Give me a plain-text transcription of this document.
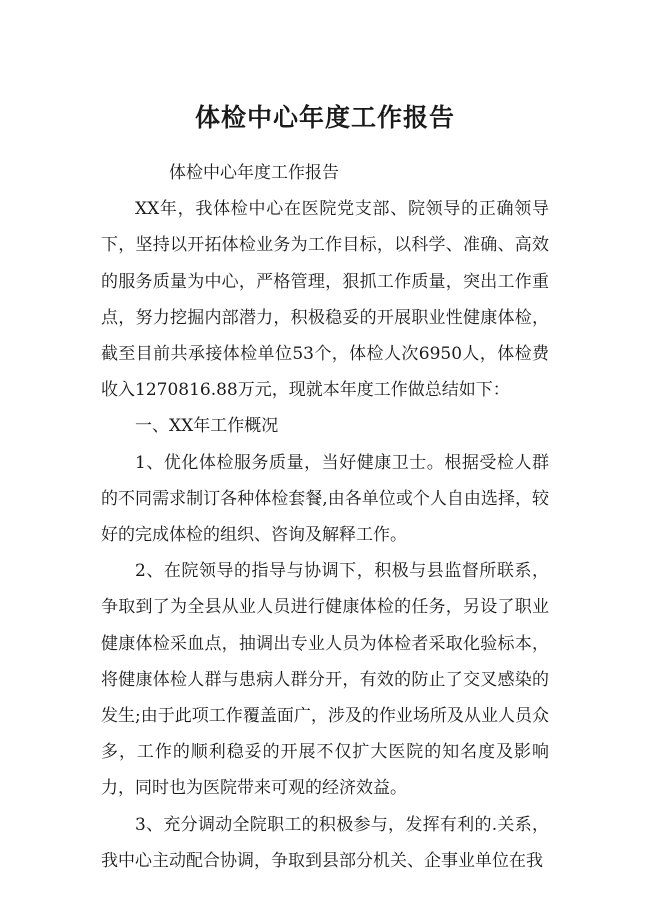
体检中心年度工作报告

体检中心年度工作报告

XX年，我体检中心在医院党支部、院领导的正确领导下，坚持以开拓体检业务为工作目标，以科学、准确、高效的服务质量为中心，严格管理，狠抓工作质量，突出工作重点，努力挖掘内部潜力，积极稳妥的开展职业性健康体检，截至目前共承接体检单位53个，体检人次6950人，体检费收入1270816.88万元，现就本年度工作做总结如下：

一、XX年工作概况

1、优化体检服务质量，当好健康卫士。根据受检人群的不同需求制订各种体检套餐,由各单位或个人自由选择，较好的完成体检的组织、咨询及解释工作。

2、在院领导的指导与协调下，积极与县监督所联系，争取到了为全县从业人员进行健康体检的任务，另设了职业健康体检采血点，抽调出专业人员为体检者采取化验标本，将健康体检人群与患病人群分开，有效的防止了交叉感染的发生;由于此项工作覆盖面广，涉及的作业场所及从业人员众多，工作的顺利稳妥的开展不仅扩大医院的知名度及影响力，同时也为医院带来可观的经济效益。

3、充分调动全院职工的积极参与，发挥有利的.关系，我中心主动配合协调，争取到县部分机关、企事业单位在我
